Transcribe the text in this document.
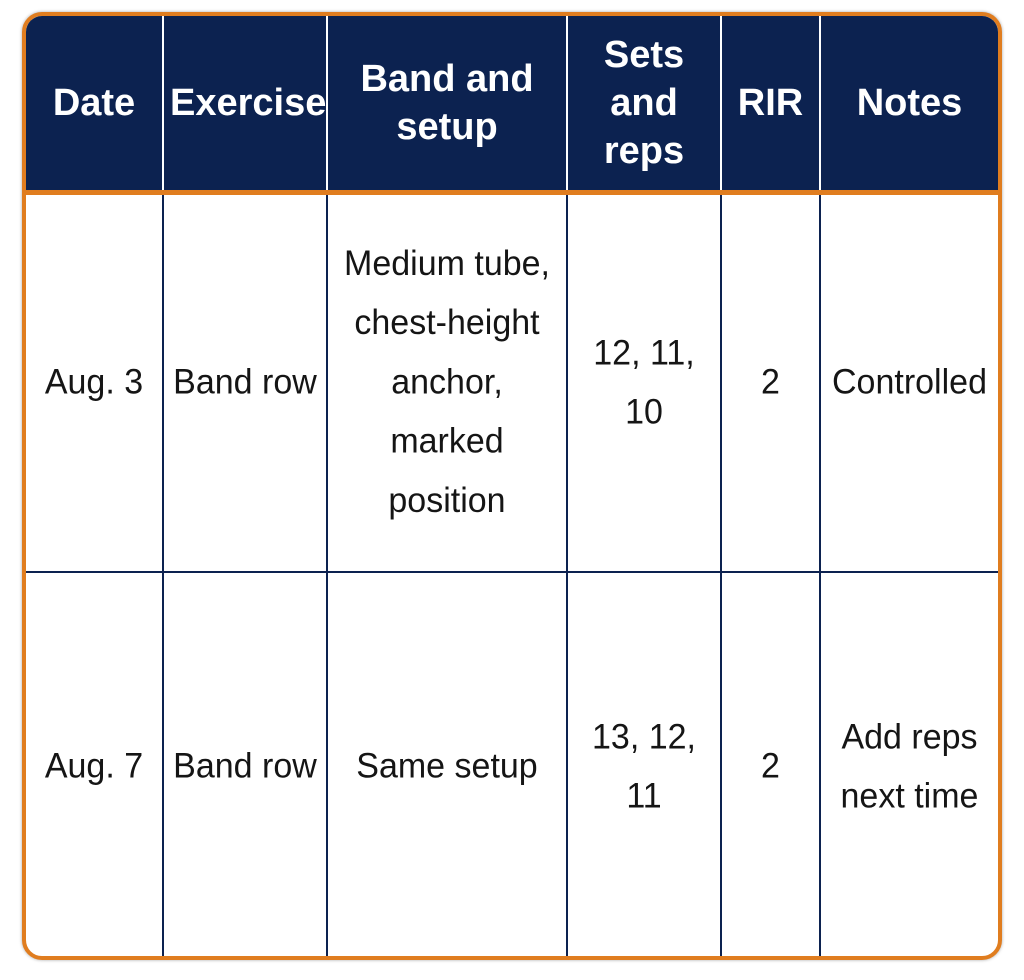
Date	Exercise	Band and setup	Sets and reps	RIR	Notes
Aug. 3	Band row	Medium tube, chest-height anchor, marked position	12, 11, 10	2	Controlled
Aug. 7	Band row	Same setup	13, 12, 11	2	Add reps next time
